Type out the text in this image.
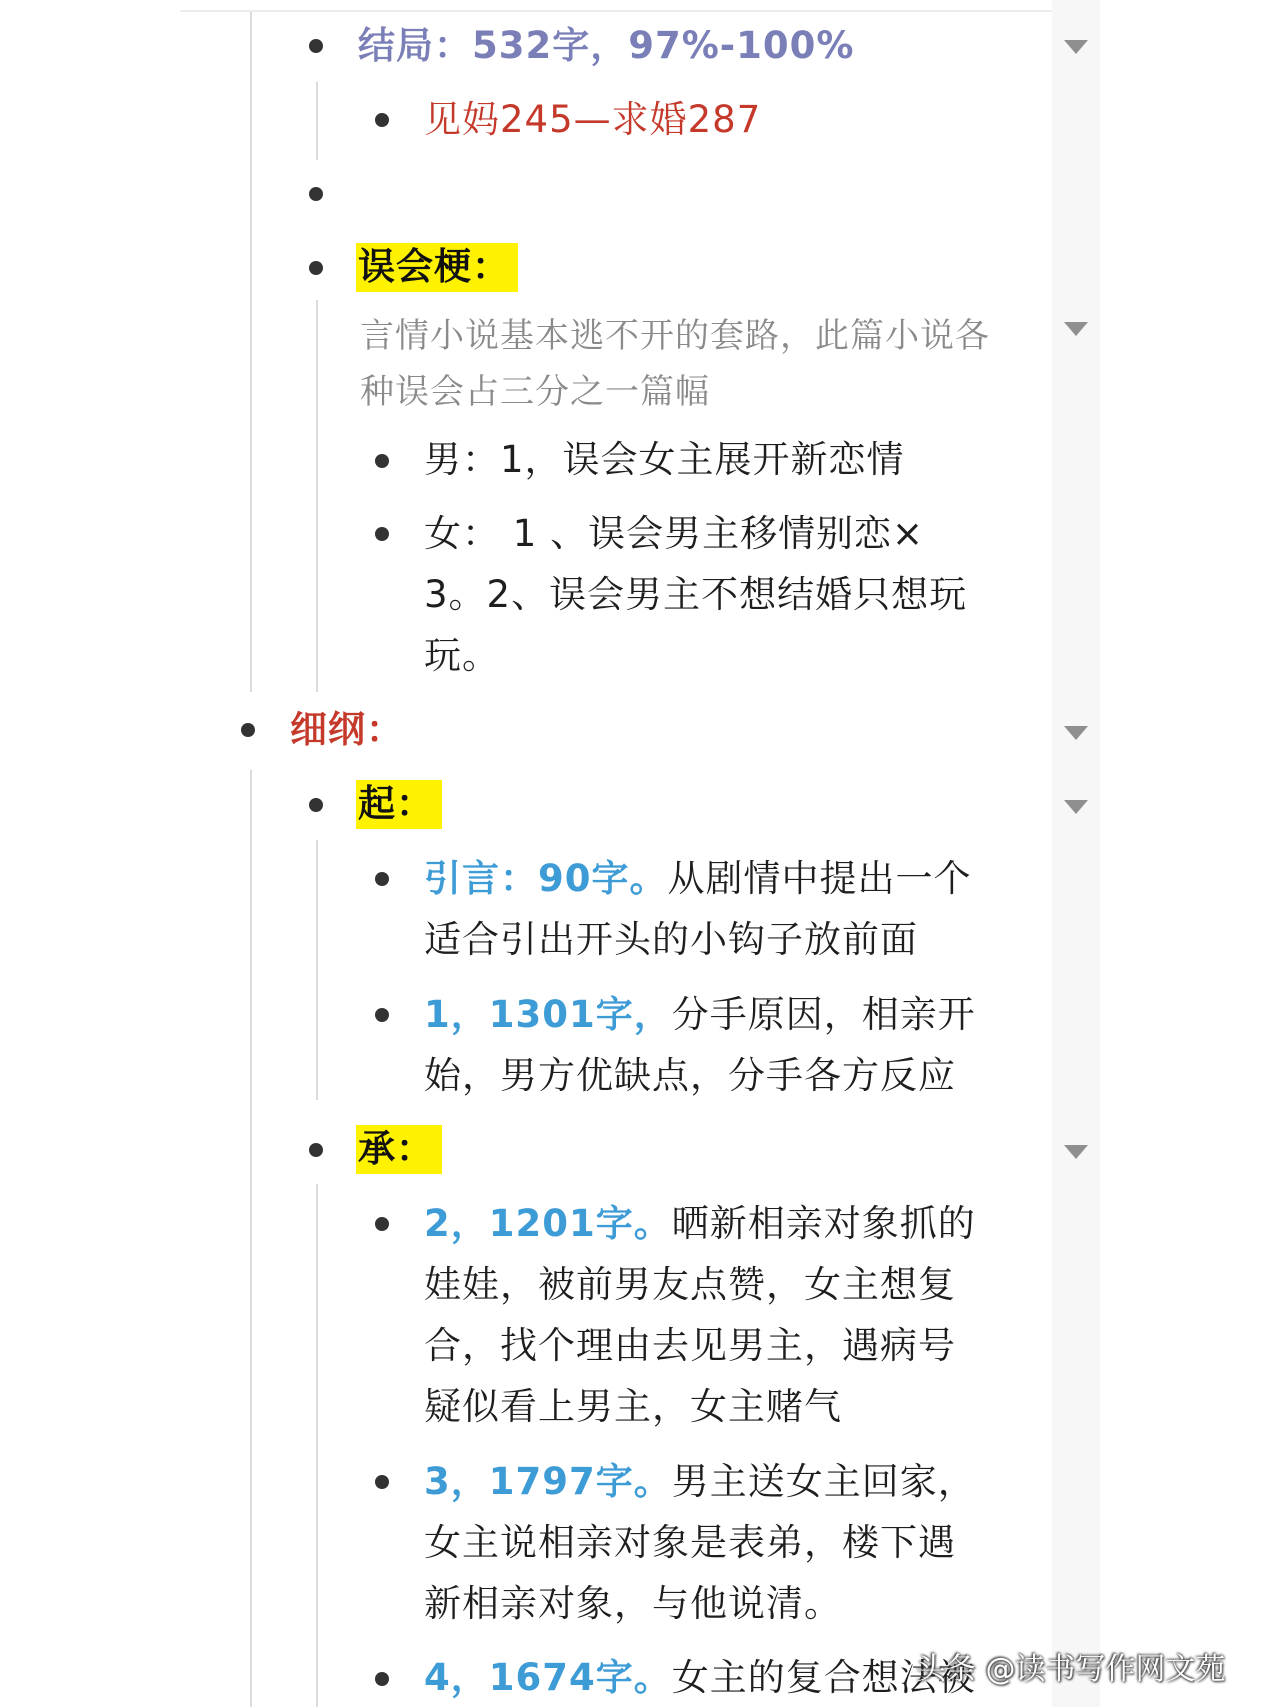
结局：532字，97%-100%
见妈245—求婚287
误会梗：
言情小说基本逃不开的套路，此篇小说各
种误会占三分之一篇幅
男：1，误会女主展开新恋情
女： 1 、误会男主移情别恋×
3。2、误会男主不想结婚只想玩
玩。
细纲：
起：
引言：90字。从剧情中提出一个
适合引出开头的小钩子放前面
1，1301字，分手原因，相亲开
始，男方优缺点，分手各方反应
承：
2，1201字。晒新相亲对象抓的
娃娃，被前男友点赞，女主想复
合，找个理由去见男主，遇病号
疑似看上男主，女主赌气
3，1797字。男主送女主回家，
女主说相亲对象是表弟，楼下遇
新相亲对象，与他说清。
4，1674字。女主的复合想法被
头条 @读书写作网文苑
